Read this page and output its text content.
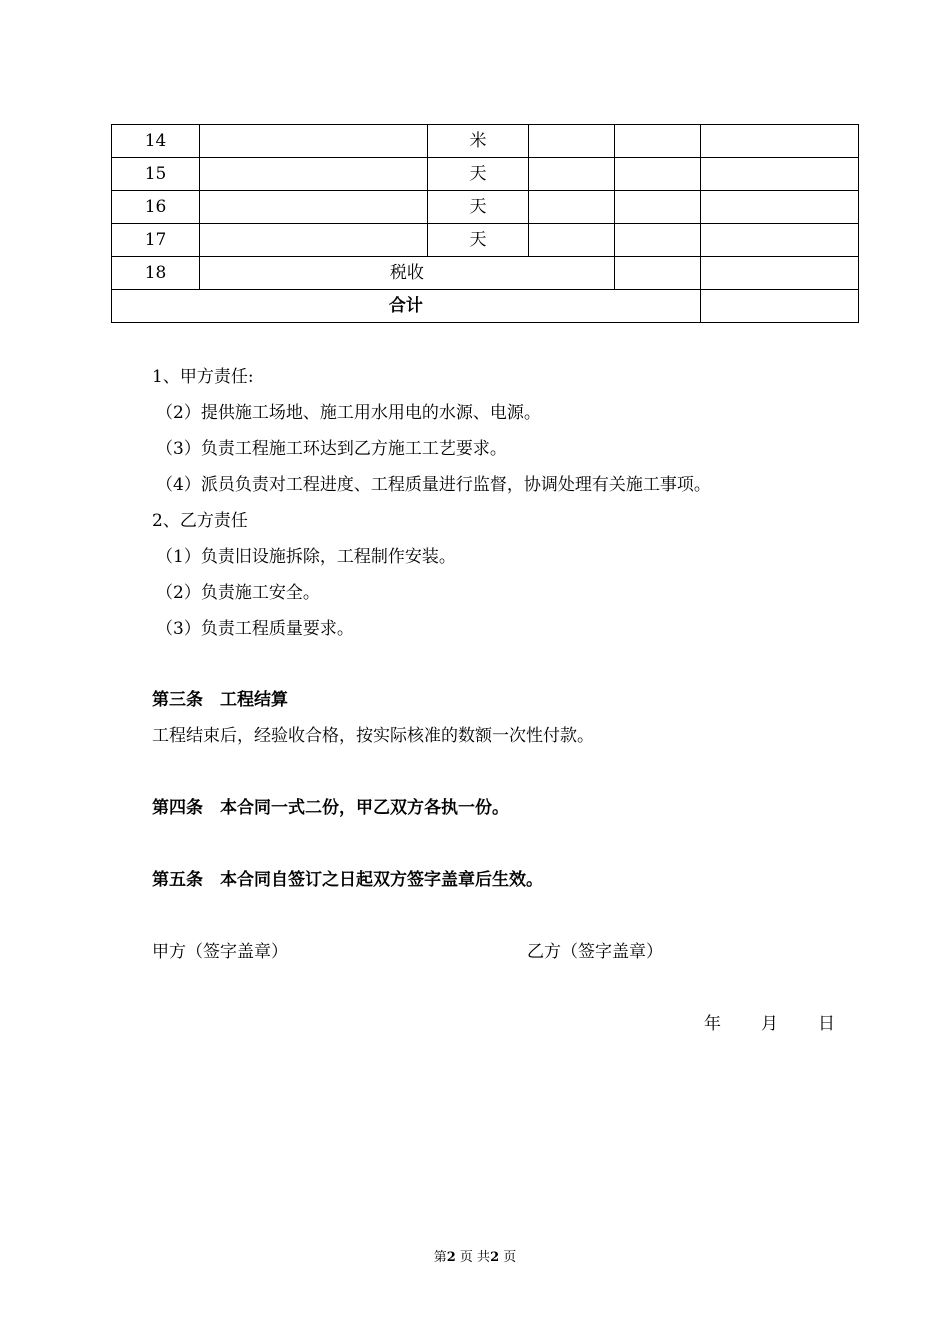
14		米			
15		天			
16		天			
17		天			
18	税收				
合计					
1、甲方责任:
（2）提供施工场地、施工用水用电的水源、电源。
（3）负责工程施工环达到乙方施工工艺要求。
（4）派员负责对工程进度、工程质量进行监督，协调处理有关施工事项。
2、乙方责任
（1）负责旧设施拆除，工程制作安装。
（2）负责施工安全。
（3）负责工程质量要求。
第三条　工程结算
工程结束后，经验收合格，按实际核准的数额一次性付款。
第四条　本合同一式二份，甲乙双方各执一份。
第五条　本合同自签订之日起双方签字盖章后生效。
甲方（签字盖章）	乙方（签字盖章）
年 月 日
第2 页 共2 页
